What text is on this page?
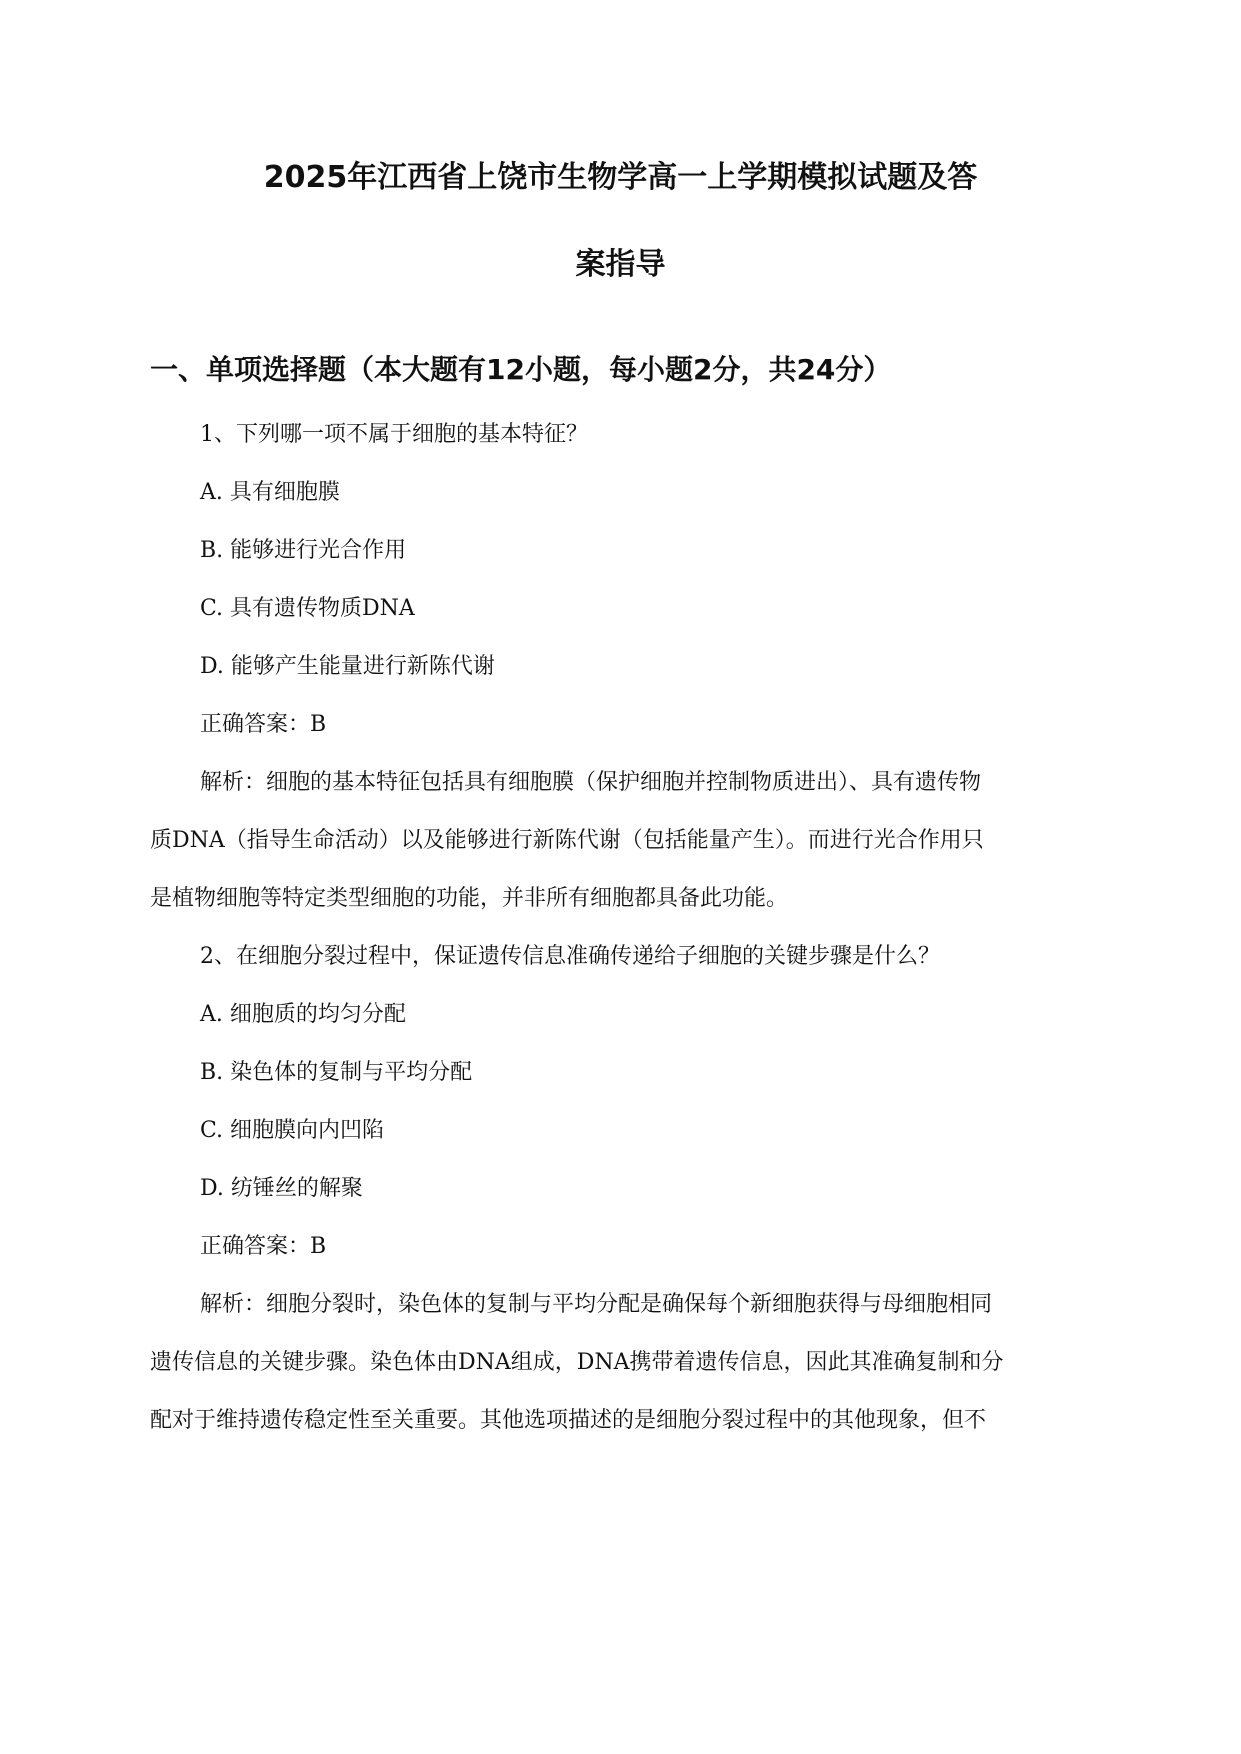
2025年江西省上饶市生物学高一上学期模拟试题及答
案指导
一、单项选择题（本大题有12小题，每小题2分，共24分）
1、下列哪一项不属于细胞的基本特征？
A. 具有细胞膜
B. 能够进行光合作用
C. 具有遗传物质DNA
D. 能够产生能量进行新陈代谢
正确答案：B
解析：细胞的基本特征包括具有细胞膜（保护细胞并控制物质进出）、具有遗传物
质DNA（指导生命活动）以及能够进行新陈代谢（包括能量产生）。而进行光合作用只
是植物细胞等特定类型细胞的功能，并非所有细胞都具备此功能。
2、在细胞分裂过程中，保证遗传信息准确传递给子细胞的关键步骤是什么？
A. 细胞质的均匀分配
B. 染色体的复制与平均分配
C. 细胞膜向内凹陷
D. 纺锤丝的解聚
正确答案：B
解析：细胞分裂时，染色体的复制与平均分配是确保每个新细胞获得与母细胞相同
遗传信息的关键步骤。染色体由DNA组成，DNA携带着遗传信息，因此其准确复制和分
配对于维持遗传稳定性至关重要。其他选项描述的是细胞分裂过程中的其他现象，但不
